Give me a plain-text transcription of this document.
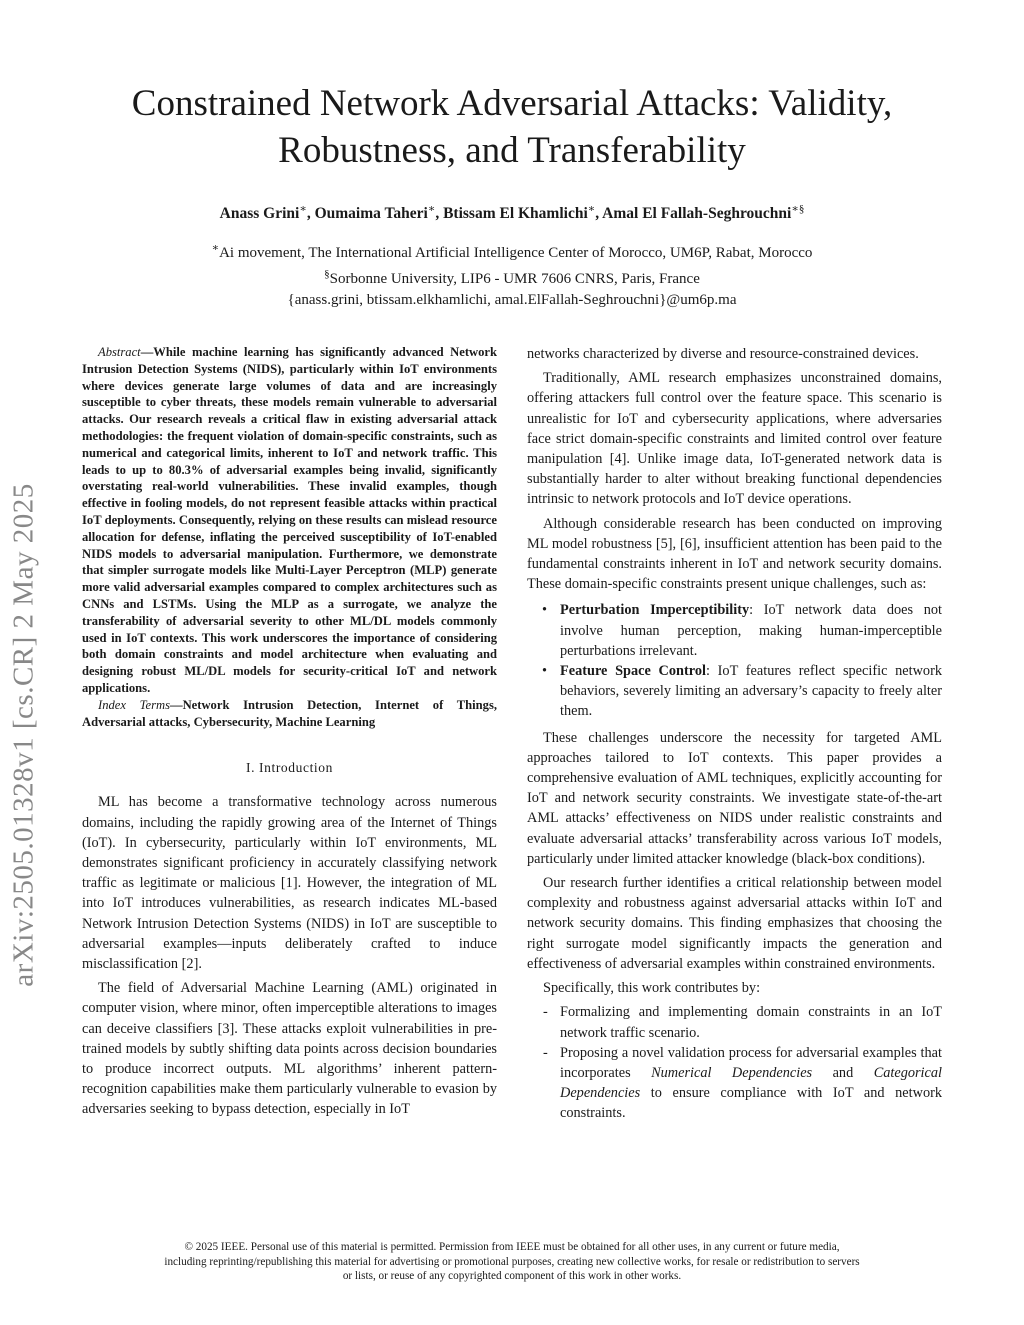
arXiv:2505.01328v1 [cs.CR] 2 May 2025
Constrained Network Adversarial Attacks: Validity,
Robustness, and Transferability
Anass Grini∗, Oumaima Taheri∗, Btissam El Khamlichi∗, Amal El Fallah-Seghrouchni∗§
∗Ai movement, The International Artificial Intelligence Center of Morocco, UM6P, Rabat, Morocco
§Sorbonne University, LIP6 - UMR 7606 CNRS, Paris, France
{anass.grini, btissam.elkhamlichi, amal.ElFallah-Seghrouchni}@um6p.ma

Abstract—While machine learning has significantly advanced Network Intrusion Detection Systems (NIDS), particularly within IoT environments where devices generate large volumes of data and are increasingly susceptible to cyber threats, these models remain vulnerable to adversarial attacks. Our research reveals a critical flaw in existing adversarial attack methodologies: the frequent violation of domain-specific constraints, such as numerical and categorical limits, inherent to IoT and network traffic. This leads to up to 80.3% of adversarial examples being invalid, significantly overstating real-world vulnerabilities. These invalid examples, though effective in fooling models, do not represent feasible attacks within practical IoT deployments. Consequently, relying on these results can mislead resource allocation for defense, inflating the perceived susceptibility of IoT-enabled NIDS models to adversarial manipulation. Furthermore, we demonstrate that simpler surrogate models like Multi-Layer Perceptron (MLP) generate more valid adversarial examples compared to complex architectures such as CNNs and LSTMs. Using the MLP as a surrogate, we analyze the transferability of adversarial severity to other ML/DL models commonly used in IoT contexts. This work underscores the importance of considering both domain constraints and model architecture when evaluating and designing robust ML/DL models for security-critical IoT and network applications.

Index Terms—Network Intrusion Detection, Internet of Things, Adversarial attacks, Cybersecurity, Machine Learning

I. Introduction

ML has become a transformative technology across numerous domains, including the rapidly growing area of the Internet of Things (IoT). In cybersecurity, particularly within IoT environments, ML demonstrates significant proficiency in accurately classifying network traffic as legitimate or malicious [1]. However, the integration of ML into IoT introduces vulnerabilities, as research indicates ML-based Network Intrusion Detection Systems (NIDS) in IoT are susceptible to adversarial examples—inputs deliberately crafted to induce misclassification [2].

The field of Adversarial Machine Learning (AML) originated in computer vision, where minor, often imperceptible alterations to images can deceive classifiers [3]. These attacks exploit vulnerabilities in pre-trained models by subtly shifting data points across decision boundaries to produce incorrect outputs. ML algorithms’ inherent pattern-recognition capabilities make them particularly vulnerable to evasion by adversaries seeking to bypass detection, especially in IoT

networks characterized by diverse and resource-constrained devices.

Traditionally, AML research emphasizes unconstrained domains, offering attackers full control over the feature space. This scenario is unrealistic for IoT and cybersecurity applications, where adversaries face strict domain-specific constraints and limited control over feature manipulation [4]. Unlike image data, IoT-generated network data is substantially harder to alter without breaking functional dependencies intrinsic to network protocols and IoT device operations.

Although considerable research has been conducted on improving ML model robustness [5], [6], insufficient attention has been paid to the fundamental constraints inherent in IoT and network security domains. These domain-specific constraints present unique challenges, such as:

• Perturbation Imperceptibility: IoT network data does not involve human perception, making human-imperceptible perturbations irrelevant.
• Feature Space Control: IoT features reflect specific network behaviors, severely limiting an adversary’s capacity to freely alter them.

These challenges underscore the necessity for targeted AML approaches tailored to IoT contexts. This paper provides a comprehensive evaluation of AML techniques, explicitly accounting for IoT and network security constraints. We investigate state-of-the-art AML attacks’ effectiveness on NIDS under realistic constraints and evaluate adversarial attacks’ transferability across various IoT models, particularly under limited attacker knowledge (black-box conditions).

Our research further identifies a critical relationship between model complexity and robustness against adversarial attacks within IoT and network security domains. This finding emphasizes that choosing the right surrogate model significantly impacts the generation and effectiveness of adversarial examples within constrained environments.

Specifically, this work contributes by:

- Formalizing and implementing domain constraints in an IoT network traffic scenario.
- Proposing a novel validation process for adversarial examples that incorporates Numerical Dependencies and Categorical Dependencies to ensure compliance with IoT and network constraints.
© 2025 IEEE. Personal use of this material is permitted. Permission from IEEE must be obtained for all other uses, in any current or future media,
including reprinting/republishing this material for advertising or promotional purposes, creating new collective works, for resale or redistribution to servers
or lists, or reuse of any copyrighted component of this work in other works.
